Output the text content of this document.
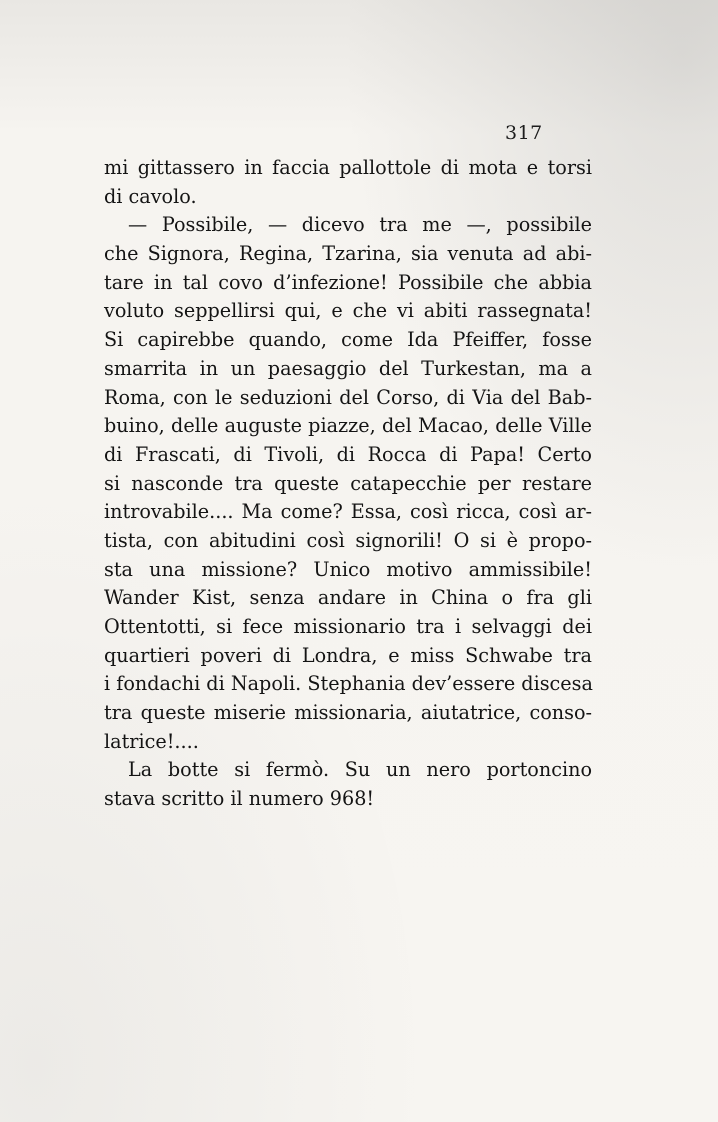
317
mi gittassero in faccia pallottole di mota e torsi
di cavolo.
— Possibile, — dicevo tra me —, possibile
che Signora, Regina, Tzarina, sia venuta ad abi-
tare in tal covo d’infezione! Possibile che abbia
voluto seppellirsi qui, e che vi abiti rassegnata!
Si capirebbe quando, come Ida Pfeiffer, fosse
smarrita in un paesaggio del Turkestan, ma a
Roma, con le seduzioni del Corso, di Via del Bab-
buino, delle auguste piazze, del Macao, delle Ville
di Frascati, di Tivoli, di Rocca di Papa! Certo
si nasconde tra queste catapecchie per restare
introvabile.... Ma come? Essa, così ricca, così ar-
tista, con abitudini così signorili! O si è propo-
sta una missione? Unico motivo ammissibile!
Wander Kist, senza andare in China o fra gli
Ottentotti, si fece missionario tra i selvaggi dei
quartieri poveri di Londra, e miss Schwabe tra
i fondachi di Napoli. Stephania dev’essere discesa
tra queste miserie missionaria, aiutatrice, conso-
latrice!....
La botte si fermò. Su un nero portoncino
stava scritto il numero 968!
